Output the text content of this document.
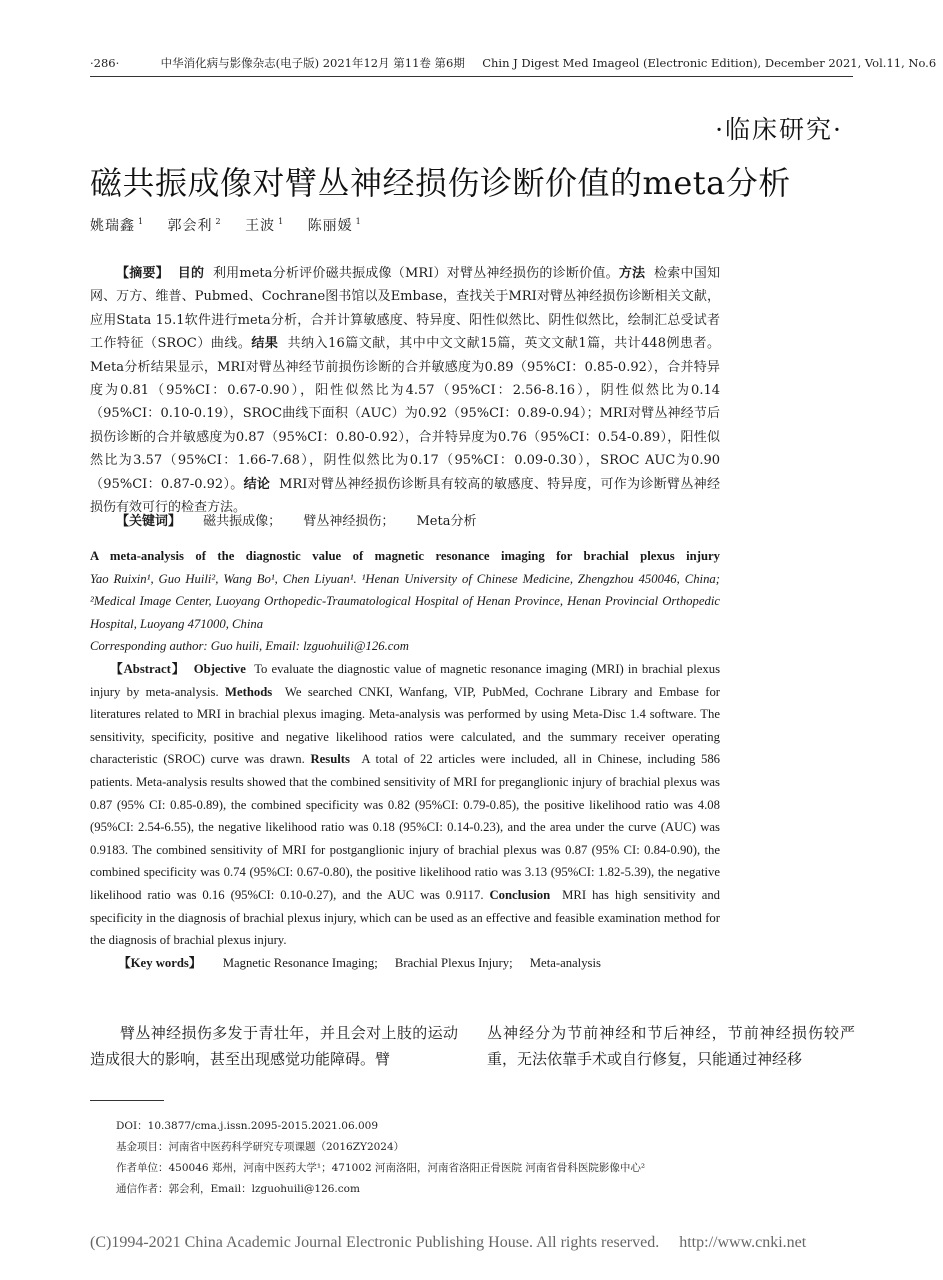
·286·	中华消化病与影像杂志(电子版) 2021年12月 第11卷 第6期 Chin J Digest Med Imageol (Electronic Edition), December 2021, Vol.11, No.6
·临床研究·
磁共振成像对臂丛神经损伤诊断价值的meta分析
姚瑞鑫 $^1$ 郭会利 $^2$ 王波 $^1$ 陈丽媛 $^1$
【摘要】 目的 利用meta分析评价磁共振成像（MRI）对臂丛神经损伤的诊断价值。方法 检索中国知网、万方、维普、Pubmed、Cochrane图书馆以及Embase，查找关于MRI对臂丛神经损伤诊断相关文献，应用Stata 15.1软件进行meta分析，合并计算敏感度、特异度、阳性似然比、阴性似然比，绘制汇总受试者工作特征（SROC）曲线。结果 共纳入16篇文献，其中中文文献15篇，英文文献1篇，共计448例患者。Meta分析结果显示，MRI对臂丛神经节前损伤诊断的合并敏感度为0.89（95%CI：0.85-0.92），合并特异度为0.81（95%CI：0.67-0.90），阳性似然比为4.57（95%CI：2.56-8.16），阴性似然比为0.14（95%CI：0.10-0.19），SROC曲线下面积（AUC）为0.92（95%CI：0.89-0.94）；MRI对臂丛神经节后损伤诊断的合并敏感度为0.87（95%CI：0.80-0.92），合并特异度为0.76（95%CI：0.54-0.89），阳性似然比为3.57（95%CI：1.66-7.68），阴性似然比为0.17（95%CI：0.09-0.30），SROC AUC为0.90（95%CI：0.87-0.92）。结论 MRI对臂丛神经损伤诊断具有较高的敏感度、特异度，可作为诊断臂丛神经损伤有效可行的检查方法。
【关键词】 磁共振成像； 臂丛神经损伤； Meta分析
A meta-analysis of the diagnostic value of magnetic resonance imaging for brachial plexus injury
Yao Ruixin¹, Guo Huili², Wang Bo¹, Chen Liyuan¹. ¹Henan University of Chinese Medicine, Zhengzhou 450046, China; ²Medical Image Center, Luoyang Orthopedic-Traumatological Hospital of Henan Province, Henan Provincial Orthopedic Hospital, Luoyang 471000, China
Corresponding author: Guo huili, Email: lzguohuili@126.com
【Abstract】 Objective To evaluate the diagnostic value of magnetic resonance imaging (MRI) in brachial plexus injury by meta-analysis. Methods We searched CNKI, Wanfang, VIP, PubMed, Cochrane Library and Embase for literatures related to MRI in brachial plexus imaging. Meta-analysis was performed by using Meta-Disc 1.4 software. The sensitivity, specificity, positive and negative likelihood ratios were calculated, and the summary receiver operating characteristic (SROC) curve was drawn. Results A total of 22 articles were included, all in Chinese, including 586 patients. Meta-analysis results showed that the combined sensitivity of MRI for preganglionic injury of brachial plexus was 0.87 (95% CI: 0.85-0.89), the combined specificity was 0.82 (95%CI: 0.79-0.85), the positive likelihood ratio was 4.08 (95%CI: 2.54-6.55), the negative likelihood ratio was 0.18 (95%CI: 0.14-0.23), and the area under the curve (AUC) was 0.9183. The combined sensitivity of MRI for postganglionic injury of brachial plexus was 0.87 (95% CI: 0.84-0.90), the combined specificity was 0.74 (95%CI: 0.67-0.80), the positive likelihood ratio was 3.13 (95%CI: 1.82-5.39), the negative likelihood ratio was 0.16 (95%CI: 0.10-0.27), and the AUC was 0.9117. Conclusion MRI has high sensitivity and specificity in the diagnosis of brachial plexus injury, which can be used as an effective and feasible examination method for the diagnosis of brachial plexus injury.
【Key words】 Magnetic Resonance Imaging; Brachial Plexus Injury; Meta-analysis
臂丛神经损伤多发于青壮年，并且会对上肢的运动造成很大的影响，甚至出现感觉功能障碍。臂
丛神经分为节前神经和节后神经，节前神经损伤较严重，无法依靠手术或自行修复，只能通过神经移
DOI：10.3877/cma.j.issn.2095-2015.2021.06.009
基金项目：河南省中医药科学研究专项课题（2016ZY2024）
作者单位：450046 郑州，河南中医药大学¹；471002 河南洛阳，河南省洛阳正骨医院 河南省骨科医院影像中心²
通信作者：郭会利，Email：lzguohuili@126.com
(C)1994-2021 China Academic Journal Electronic Publishing House. All rights reserved. http://www.cnki.net
